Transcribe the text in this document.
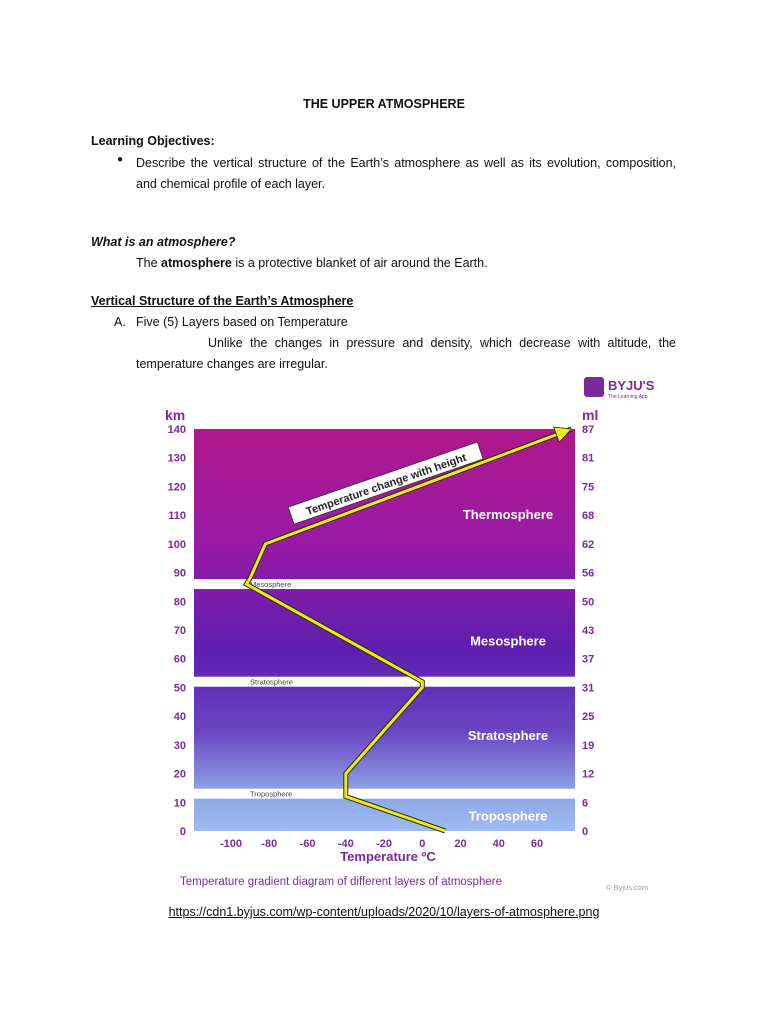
THE UPPER ATMOSPHERE
Learning Objectives:
● Describe the vertical structure of the Earth’s atmosphere as well as its evolution, composition, and chemical profile of each layer.
What is an atmosphere?
The atmosphere is a protective blanket of air around the Earth.
Vertical Structure of the Earth’s Atmosphere
A. Five (5) Layers based on Temperature
Unlike the changes in pressure and density, which decrease with altitude, the temperature changes are irregular.
BYJU'S
The Learning App
km	ml
Troposphere
Stratosphere
Mesosphere
0	0
10	6
20	12
30	19
40	25
50	31
60	37
70	43
80	50
90	56
100	62
110	68
120	75
130	81
140	87
-100 -80 -60 -40 -20 0	20 40 60
Troposphere
Stratosphere
Mesosphere
Thermosphere
Temperature change with height
Temperature ºC
Temperature gradient diagram of different layers of atmosphere	© Byjus.com
https://cdn1.byjus.com/wp-content/uploads/2020/10/layers-of-atmosphere.png
